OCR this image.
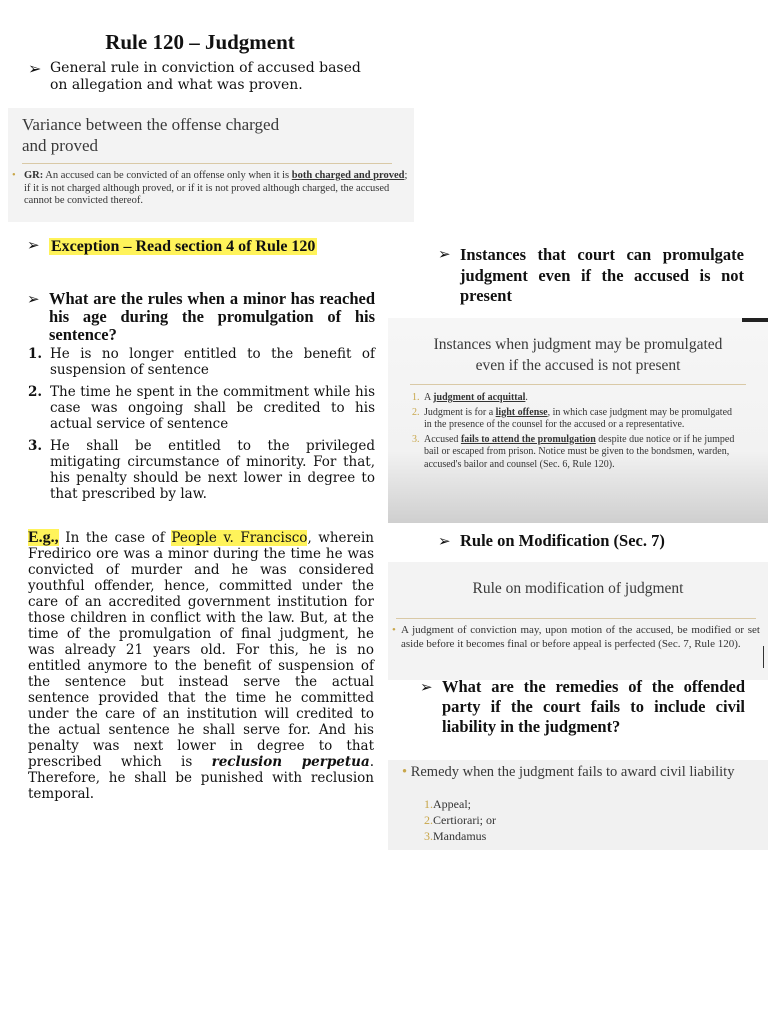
Rule 120 – Judgment
➢ General rule in conviction of accused based on allegation and what was proven.
Variance between the offense charged
and proved
• GR: An accused can be convicted of an offense only when it is both charged and proved; if it is not charged although proved, or if it is not proved although charged, the accused cannot be convicted thereof.
➢ Exception – Read section 4 of Rule 120
➢ What are the rules when a minor has reached his age during the promulgation of his sentence?
1. He is no longer entitled to the benefit of suspension of sentence
2. The time he spent in the commitment while his case was ongoing shall be credited to his actual service of sentence
3. He shall be entitled to the privileged mitigating circumstance of minority. For that, his penalty should be next lower in degree to that prescribed by law.
E.g., In the case of People v. Francisco, wherein Fredirico ore was a minor during the time he was convicted of murder and he was considered youthful offender, hence, committed under the care of an accredited government institution for those children in conflict with the law. But, at the time of the promulgation of final judgment, he was already 21 years old. For this, he is no entitled anymore to the benefit of suspension of the sentence but instead serve the actual sentence provided that the time he committed under the care of an institution will credited to the actual sentence he shall serve for. And his penalty was next lower in degree to that prescribed which is reclusion perpetua. Therefore, he shall be punished with reclusion temporal.
➢ Instances that court can promulgate judgment even if the accused is not present
Instances when judgment may be promulgated
even if the accused is not present
1. A judgment of acquittal.
2. Judgment is for a light offense, in which case judgment may be promulgated in the presence of the counsel for the accused or a representative.
3. Accused fails to attend the promulgation despite due notice or if he jumped bail or escaped from prison. Notice must be given to the bondsmen, warden, accused's bailor and counsel (Sec. 6, Rule 120).
➢ Rule on Modification (Sec. 7)
Rule on modification of judgment
• A judgment of conviction may, upon motion of the accused, be modified or set aside before it becomes final or before appeal is perfected (Sec. 7, Rule 120).
➢ What are the remedies of the offended party if the court fails to include civil liability in the judgment?
• Remedy when the judgment fails to award civil liability
1.Appeal;
2.Certiorari; or
3.Mandamus
